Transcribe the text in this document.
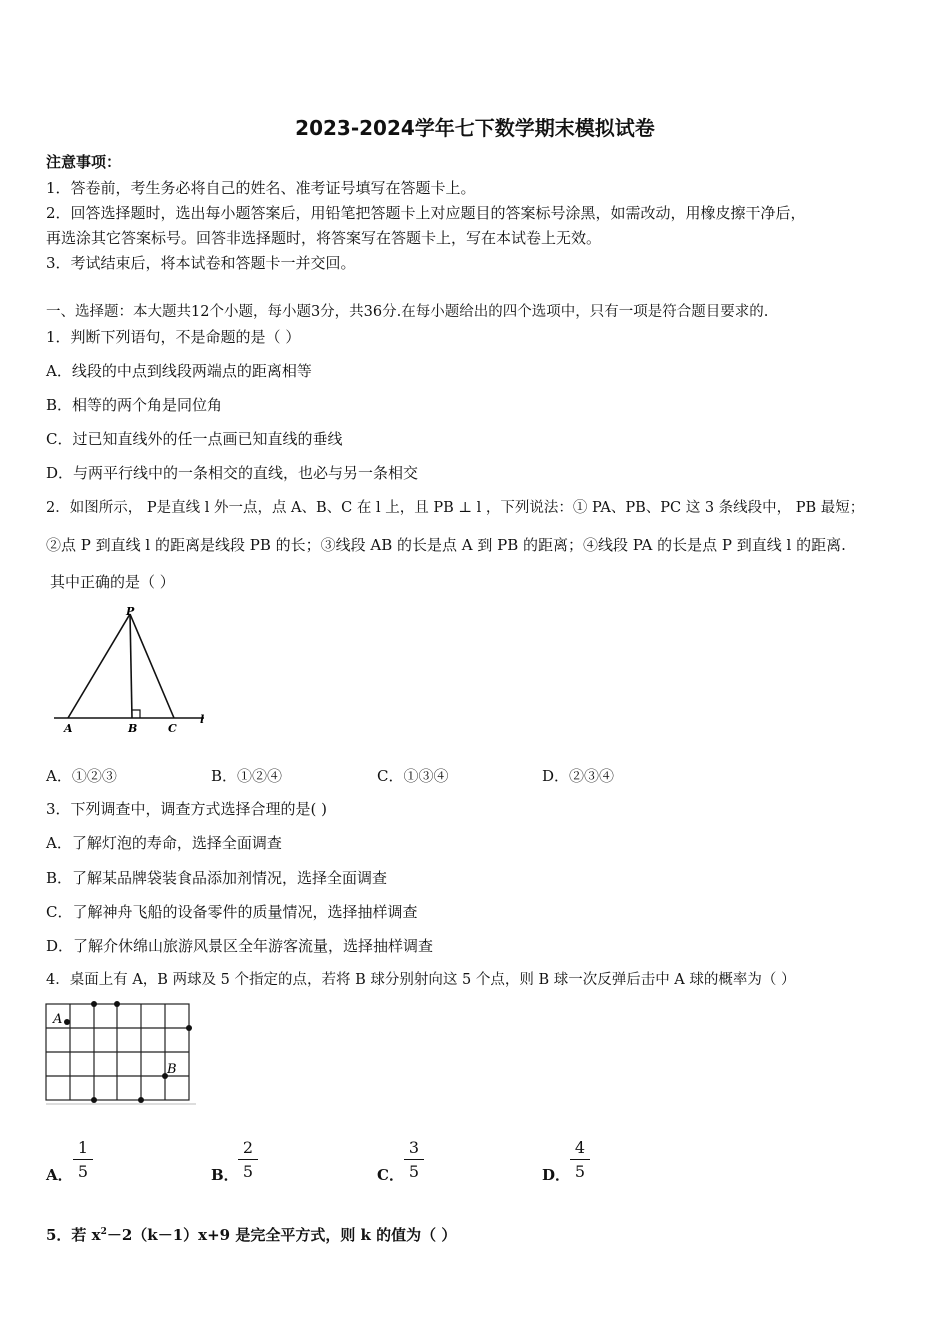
2023-2024学年七下数学期末模拟试卷
注意事项：
1．答卷前，考生务必将自己的姓名、准考证号填写在答题卡上。
2．回答选择题时，选出每小题答案后，用铅笔把答题卡上对应题目的答案标号涂黑，如需改动，用橡皮擦干净后，
再选涂其它答案标号。回答非选择题时，将答案写在答题卡上，写在本试卷上无效。
3．考试结束后，将本试卷和答题卡一并交回。
一、选择题：本大题共12个小题，每小题3分，共36分.在每小题给出的四个选项中，只有一项是符合题目要求的.
1．判断下列语句，不是命题的是（ ）
A．线段的中点到线段两端点的距离相等
B．相等的两个角是同位角
C．过已知直线外的任一点画已知直线的垂线
D．与两平行线中的一条相交的直线，也必与另一条相交
2．如图所示， P是直线 l 外一点，点 A、B、C 在 l 上，且 PB ⊥ l ，下列说法：① PA、PB、PC 这 3 条线段中， PB 最短；
②点 P 到直线 l 的距离是线段 PB 的长；③线段 AB 的长是点 A 到 PB 的距离；④线段 PA 的长是点 P 到直线 l 的距离.
其中正确的是（ ）
P
A	B	C
l
A．①②③	B．①②④	C．①③④	D．②③④
3．下列调查中，调查方式选择合理的是( )
A．了解灯泡的寿命，选择全面调查
B．了解某品牌袋装食品添加剂情况，选择全面调查
C．了解神舟飞船的设备零件的质量情况，选择抽样调查
D．了解介休绵山旅游风景区全年游客流量，选择抽样调查
4．桌面上有 A，B 两球及 5 个指定的点，若将 B 球分别射向这 5 个点，则 B 球一次反弹后击中 A 球的概率为（ ）
A
B
A． $\frac{1}{5}$	B． $\frac{2}{5}$	C． $\frac{3}{5}$	D． $\frac{4}{5}$
5．若 $x^2-2(k-1)x+9$ 是完全平方式，则 k 的值为（ ）
